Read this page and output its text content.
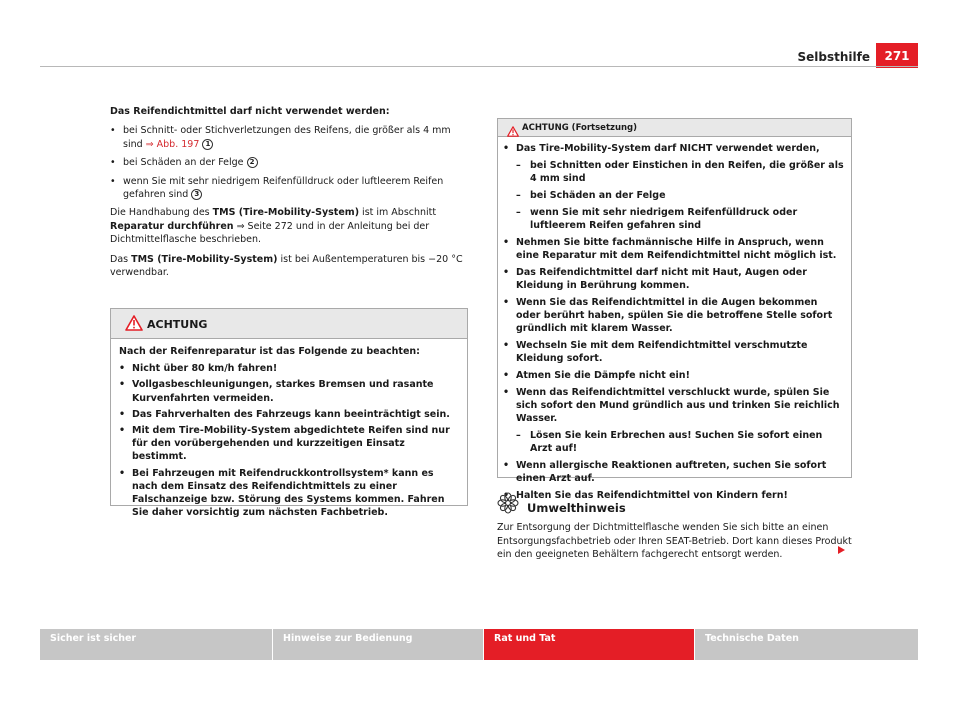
Selbsthilfe	271

Das Reifendichtmittel darf nicht verwendet werden:

• bei Schnitt- oder Stichverletzungen des Reifens, die größer als 4 mm sind ⇒ Abb. 197 1
• bei Schäden an der Felge 2
• wenn Sie mit sehr niedrigem Reifenfülldruck oder luftleerem Reifen gefahren sind 3

Die Handhabung des TMS (Tire-Mobility-System) ist im Abschnitt Reparatur durchführen ⇒ Seite 272 und in der Anleitung bei der Dichtmittelflasche beschrieben.

Das TMS (Tire-Mobility-System) ist bei Außentemperaturen bis −20 °C verwendbar.

ACHTUNG
Nach der Reifenreparatur ist das Folgende zu beachten:
• Nicht über 80 km/h fahren!
• Vollgasbeschleunigungen, starkes Bremsen und rasante Kurvenfahrten vermeiden.
• Das Fahrverhalten des Fahrzeugs kann beeinträchtigt sein.
• Mit dem Tire-Mobility-System abgedichtete Reifen sind nur für den vorübergehenden und kurzzeitigen Einsatz bestimmt.
• Bei Fahrzeugen mit Reifendruckkontrollsystem* kann es nach dem Einsatz des Reifendichtmittels zu einer Falschanzeige bzw. Störung des Systems kommen. Fahren Sie daher vorsichtig zum nächsten Fachbetrieb.
ACHTUNG (Fortsetzung)
• Das Tire-Mobility-System darf NICHT verwendet werden,
– bei Schnitten oder Einstichen in den Reifen, die größer als 4 mm sind
– bei Schäden an der Felge
– wenn Sie mit sehr niedrigem Reifenfülldruck oder luftleerem Reifen gefahren sind
• Nehmen Sie bitte fachmännische Hilfe in Anspruch, wenn eine Reparatur mit dem Reifendichtmittel nicht möglich ist.
• Das Reifendichtmittel darf nicht mit Haut, Augen oder Kleidung in Berührung kommen.
• Wenn Sie das Reifendichtmittel in die Augen bekommen oder berührt haben, spülen Sie die betroffene Stelle sofort gründlich mit klarem Wasser.
• Wechseln Sie mit dem Reifendichtmittel verschmutzte Kleidung sofort.
• Atmen Sie die Dämpfe nicht ein!
• Wenn das Reifendichtmittel verschluckt wurde, spülen Sie sich sofort den Mund gründlich aus und trinken Sie reichlich Wasser.
– Lösen Sie kein Erbrechen aus! Suchen Sie sofort einen Arzt auf!
• Wenn allergische Reaktionen auftreten, suchen Sie sofort einen Arzt auf.
• Halten Sie das Reifendichtmittel von Kindern fern!
Umwelthinweis
Zur Entsorgung der Dichtmittelflasche wenden Sie sich bitte an einen Entsorgungsfachbetrieb oder Ihren SEAT-Betrieb. Dort kann dieses Produkt ein den geeigneten Behältern fachgerecht entsorgt werden.
Sicher ist sicher	Hinweise zur Bedienung	Rat und Tat	Technische Daten
